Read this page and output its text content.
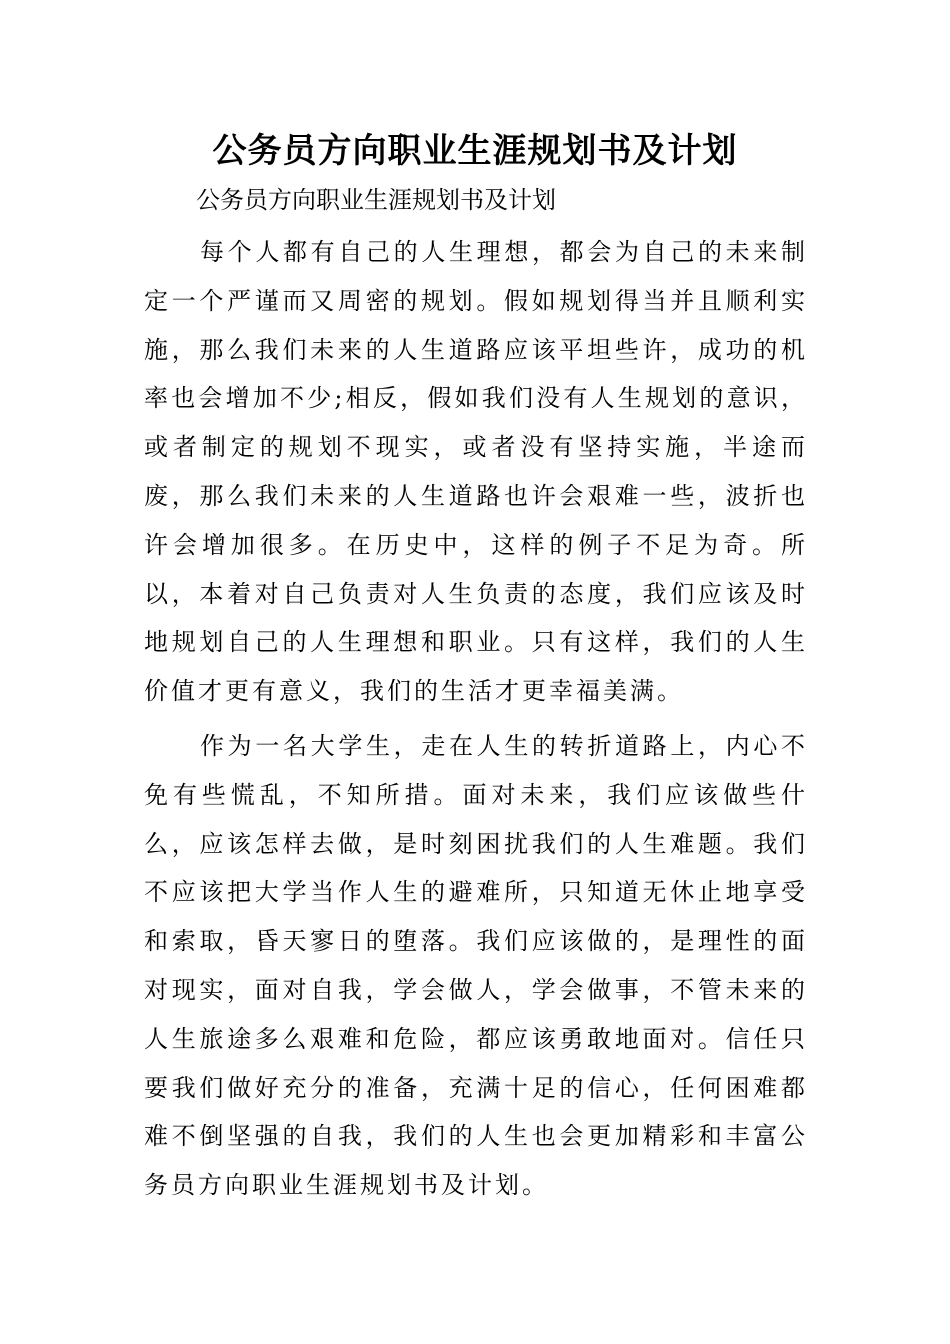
公务员方向职业生涯规划书及计划
公务员方向职业生涯规划书及计划

每个人都有自己的人生理想，都会为自己的未来制定一个严谨而又周密的规划。假如规划得当并且顺利实施，那么我们未来的人生道路应该平坦些许，成功的机率也会增加不少;相反，假如我们没有人生规划的意识，或者制定的规划不现实，或者没有坚持实施，半途而废，那么我们未来的人生道路也许会艰难一些，波折也许会增加很多。在历史中，这样的例子不足为奇。所以，本着对自己负责对人生负责的态度，我们应该及时地规划自己的人生理想和职业。只有这样，我们的人生价值才更有意义，我们的生活才更幸福美满。

作为一名大学生，走在人生的转折道路上，内心不免有些慌乱，不知所措。面对未来，我们应该做些什么，应该怎样去做，是时刻困扰我们的人生难题。我们不应该把大学当作人生的避难所，只知道无休止地享受和索取，昏天寥日的堕落。我们应该做的，是理性的面对现实，面对自我，学会做人，学会做事，不管未来的人生旅途多么艰难和危险，都应该勇敢地面对。信任只要我们做好充分的准备，充满十足的信心，任何困难都难不倒坚强的自我，我们的人生也会更加精彩和丰富公务员方向职业生涯规划书及计划。
